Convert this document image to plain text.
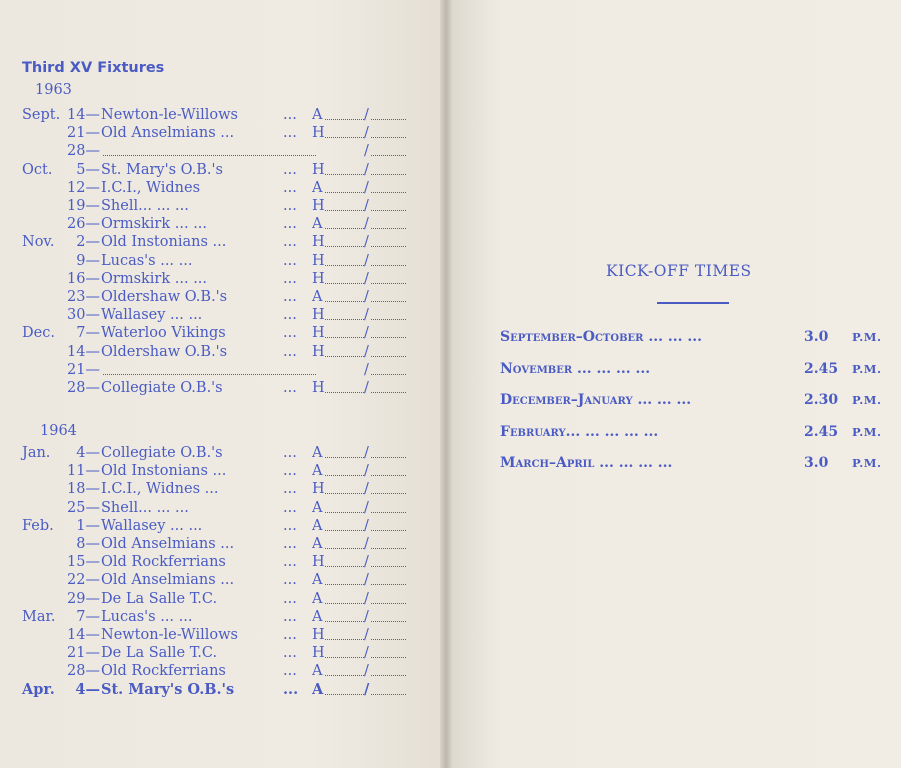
Third XV Fixtures
1963
Sept. 14— Newton-le-Willows	... A	/
21— Old Anselmians ...	... H	/
28—	/
Oct.	5— St. Mary's O.B.'s	... H	/
12— I.C.I., Widnes	... A	/
19— Shell... ... ...	... H	/
26— Ormskirk ... ...	... A	/
Nov.	2— Old Instonians ...	... H	/
9— Lucas's ... ...	... H	/
16— Ormskirk ... ...	... H	/
23— Oldershaw O.B.'s	... A	/
30— Wallasey ... ...	... H	/
Dec.	7— Waterloo Vikings	... H	/
14— Oldershaw O.B.'s	... H	/
21—	/
28— Collegiate O.B.'s	... H	/
1964
Jan.	4— Collegiate O.B.'s	... A	/
11— Old Instonians ...	... A	/
18— I.C.I., Widnes ...	... H	/
25— Shell... ... ...	... A	/
Feb.	1— Wallasey ... ...	... A	/
8— Old Anselmians ...	... A	/
15— Old Rockferrians	... H	/
22— Old Anselmians ...	... A	/
29— De La Salle T.C.	... A	/
Mar.	7— Lucas's ... ...	... A	/
14— Newton-le-Willows	... H	/
21— De La Salle T.C.	... H	/
28— Old Rockferrians	... A	/
Apr.	4— St. Mary's O.B.'s	... A	/
KICK-OFF TIMES
September–October ... ... ...	3.0 P.M.
November ... ... ... ...	2.45 P.M.
December–January ... ... ...	2.30 P.M.
February... ... ... ... ...	2.45 P.M.
March–April ... ... ... ...	3.0 P.M.
